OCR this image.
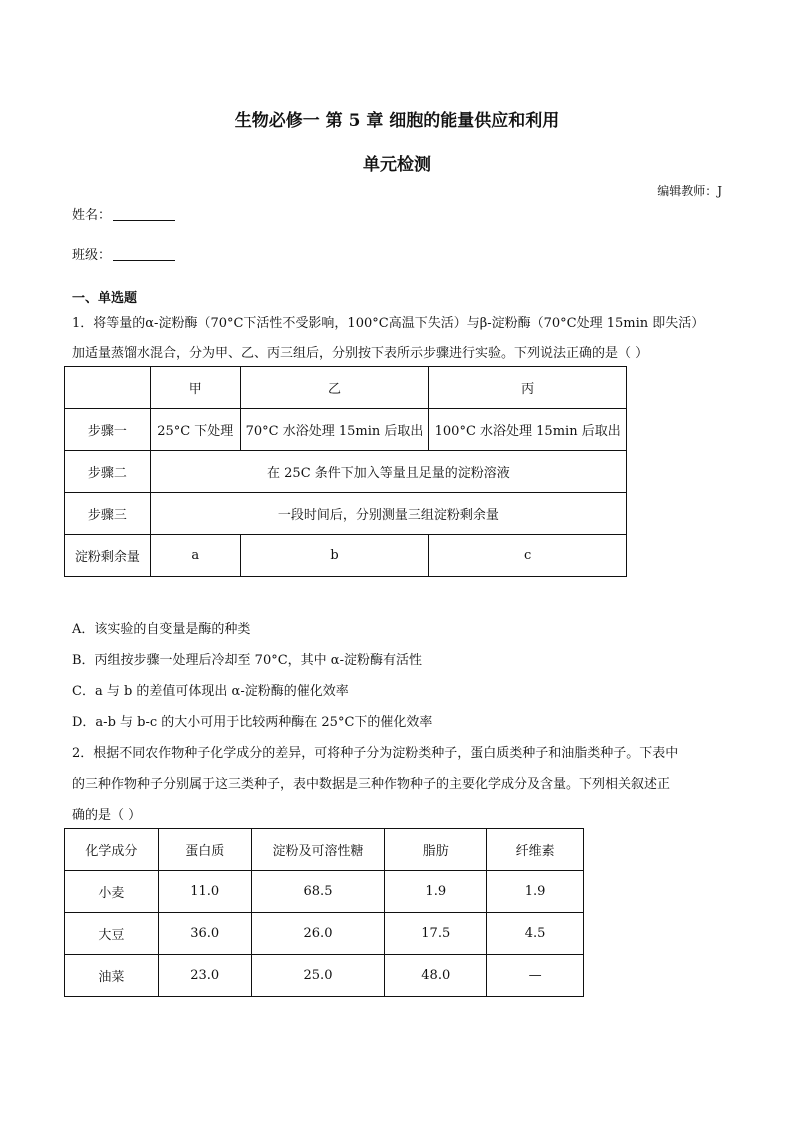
生物必修一 第 5 章 细胞的能量供应和利用
单元检测
编辑教师：J
姓名：
班级：
一、单选题
1．将等量的α-淀粉酶（70°C下活性不受影响，100°C高温下失活）与β-淀粉酶（70°C处理 15min 即失活）
加适量蒸馏水混合，分为甲、乙、丙三组后，分别按下表所示步骤进行实验。下列说法正确的是（ ）
	甲	乙	丙
步骤一	25°C 下处理	70°C 水浴处理 15min 后取出	100°C 水浴处理 15min 后取出
步骤二	在 25C 条件下加入等量且足量的淀粉溶液		
步骤三	一段时间后，分别测量三组淀粉剩余量		
淀粉剩余量	a	b	c
A．该实验的自变量是酶的种类
B．丙组按步骤一处理后冷却至 70°C，其中 α-淀粉酶有活性
C．a 与 b 的差值可体现出 α-淀粉酶的催化效率
D．a-b 与 b-c 的大小可用于比较两种酶在 25°C下的催化效率
2．根据不同农作物种子化学成分的差异，可将种子分为淀粉类种子，蛋白质类种子和油脂类种子。下表中
的三种作物种子分别属于这三类种子，表中数据是三种作物种子的主要化学成分及含量。下列相关叙述正
确的是（ ）
化学成分	蛋白质	淀粉及可溶性糖	脂肪	纤维素
小麦	11.0	68.5	1.9	1.9
大豆	36.0	26.0	17.5	4.5
油菜	23.0	25.0	48.0	—
